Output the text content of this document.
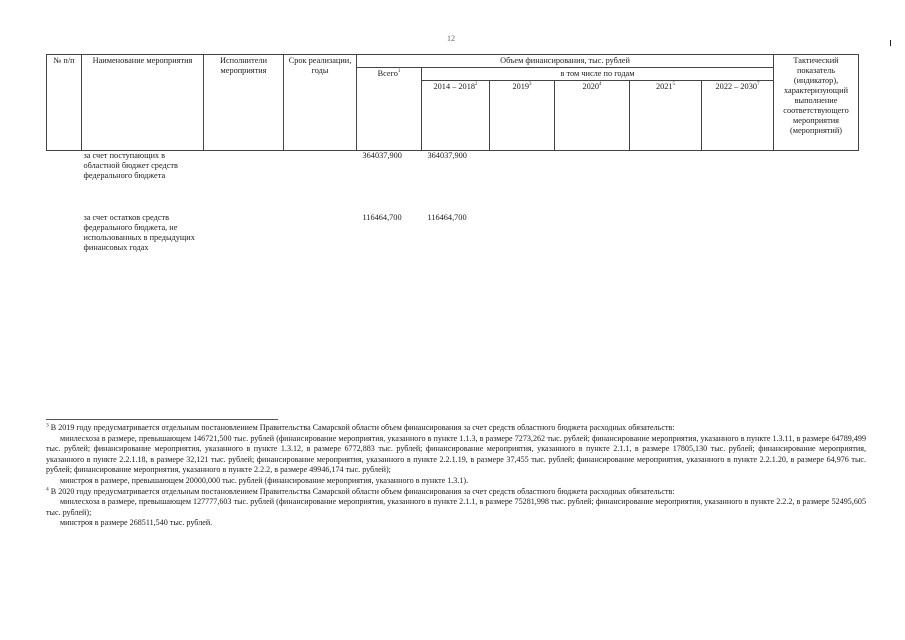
12
№ п/п	Наименование мероприятия	Исполнители мероприятия	Срок реализации, годы	Объем финансирования, тыс. рублей						Тактический показатель (индикатор), характеризующий выполнение соответствующего мероприятия (мероприятий)
				Всего$^1$	в том числе по годам					
					2014 – 2018$^2$	2019$^3$	2020$^4$	2021$^5$	2022 – 2030$^7$
	за счет поступающих в областной бюджет средств федерального бюджета			364037,900	364037,900					
	за счет остатков средств федерального бюджета, не использованных в предыдущих финансовых годах			116464,700	116464,700					

$^3$ В 2019 году предусматривается отдельным постановлением Правительства Самарской области объем финансирования за счет средств областного бюджета расходных обязательств:

минлесхоза в размере, превышающем 146721,500 тыс. рублей (финансирование мероприятия, указанного в пункте 1.1.3, в размере 7273,262 тыс. рублей; финансирование мероприятия, указанного в пункте 1.3.11, в размере 64789,499 тыс. рублей; финансирование мероприятия, указанного в пункте 1.3.12, в размере 6772,883 тыс. рублей; финансирование мероприятия, указанного в пункте 2.1.1, в размере 17805,130 тыс. рублей; финансирование мероприятия, указанного в пункте 2.2.1.18, в размере 32,121 тыс. рублей; финансирование мероприятия, указанного в пункте 2.2.1.19, в размере 37,455 тыс. рублей; финансирование мероприятия, указанного в пункте 2.2.1.20, в размере 64,976 тыс. рублей; финансирование мероприятия, указанного в пункте 2.2.2, в размере 49946,174 тыс. рублей);

минстроя в размере, превышающем 20000,000 тыс. рублей (финансирование мероприятия, указанного в пункте 1.3.1).

$^4$ В 2020 году предусматривается отдельным постановлением Правительства Самарской области объем финансирования за счет средств областного бюджета расходных обязательств:

минлесхоза в размере, превышающем 127777,603 тыс. рублей (финансирование мероприятия, указанного в пункте 2.1.1, в размере 75281,998 тыс. рублей; финансирование мероприятия, указанного в пункте 2.2.2, в размере 52495,605 тыс. рублей);

минстроя в размере 268511,540 тыс. рублей.
